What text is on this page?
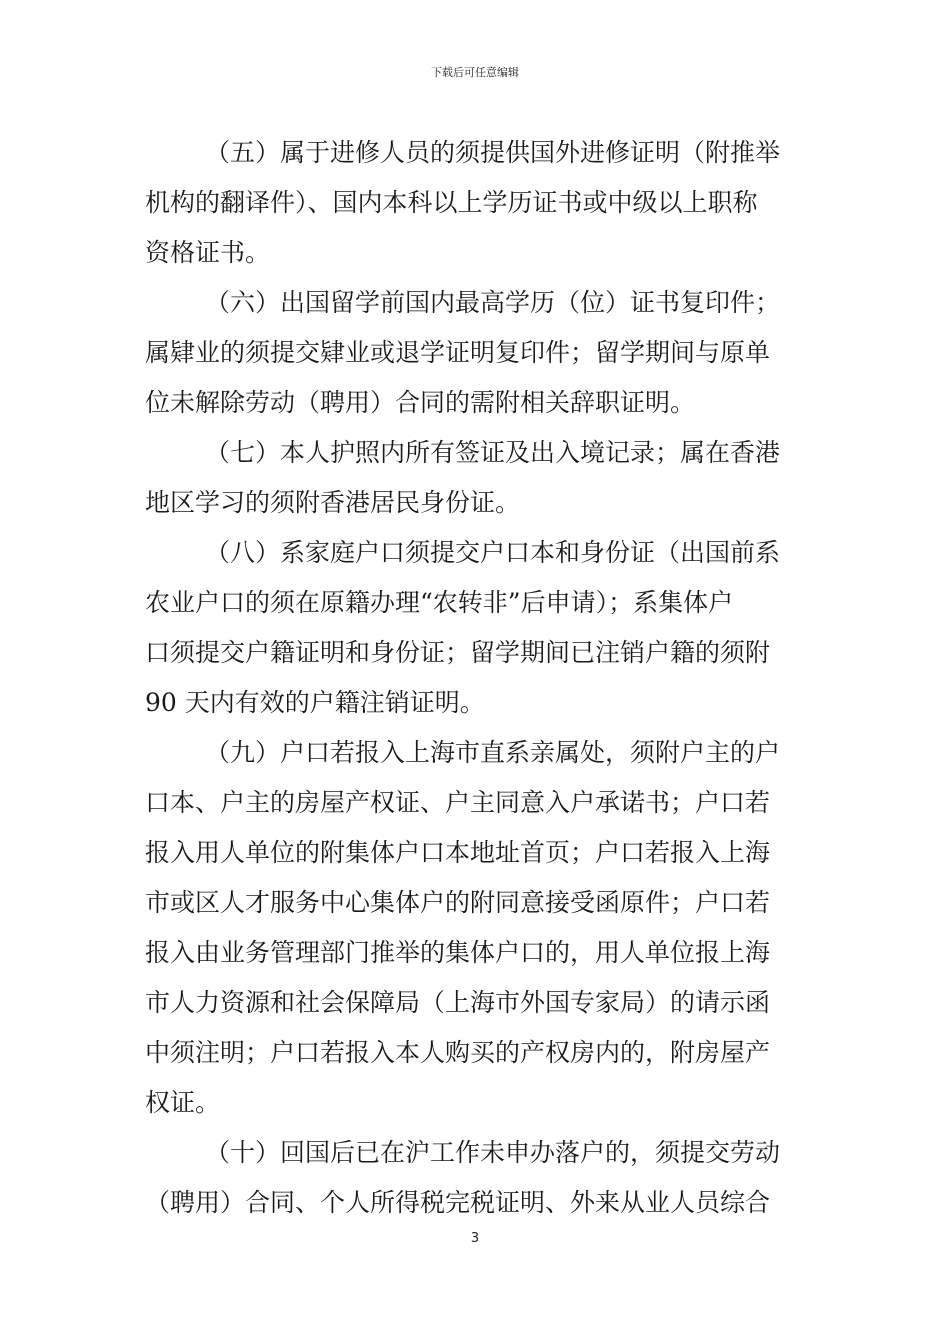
下载后可任意编辑

（五）属于进修人员的须提供国外进修证明（附推举
机构的翻译件）、国内本科以上学历证书或中级以上职称
资格证书。

（六）出国留学前国内最高学历（位）证书复印件；
属肄业的须提交肄业或退学证明复印件；留学期间与原单
位未解除劳动（聘用）合同的需附相关辞职证明。

（七）本人护照内所有签证及出入境记录；属在香港
地区学习的须附香港居民身份证。

（八）系家庭户口须提交户口本和身份证（出国前系
农业户口的须在原籍办理“农转非”后申请）；系集体户
口须提交户籍证明和身份证；留学期间已注销户籍的须附
90 天内有效的户籍注销证明。

（九）户口若报入上海市直系亲属处，须附户主的户
口本、户主的房屋产权证、户主同意入户承诺书；户口若
报入用人单位的附集体户口本地址首页；户口若报入上海
市或区人才服务中心集体户的附同意接受函原件；户口若
报入由业务管理部门推举的集体户口的，用人单位报上海
市人力资源和社会保障局（上海市外国专家局）的请示函
中须注明；户口若报入本人购买的产权房内的，附房屋产
权证。

（十）回国后已在沪工作未申办落户的，须提交劳动
（聘用）合同、个人所得税完税证明、外来从业人员综合

3
